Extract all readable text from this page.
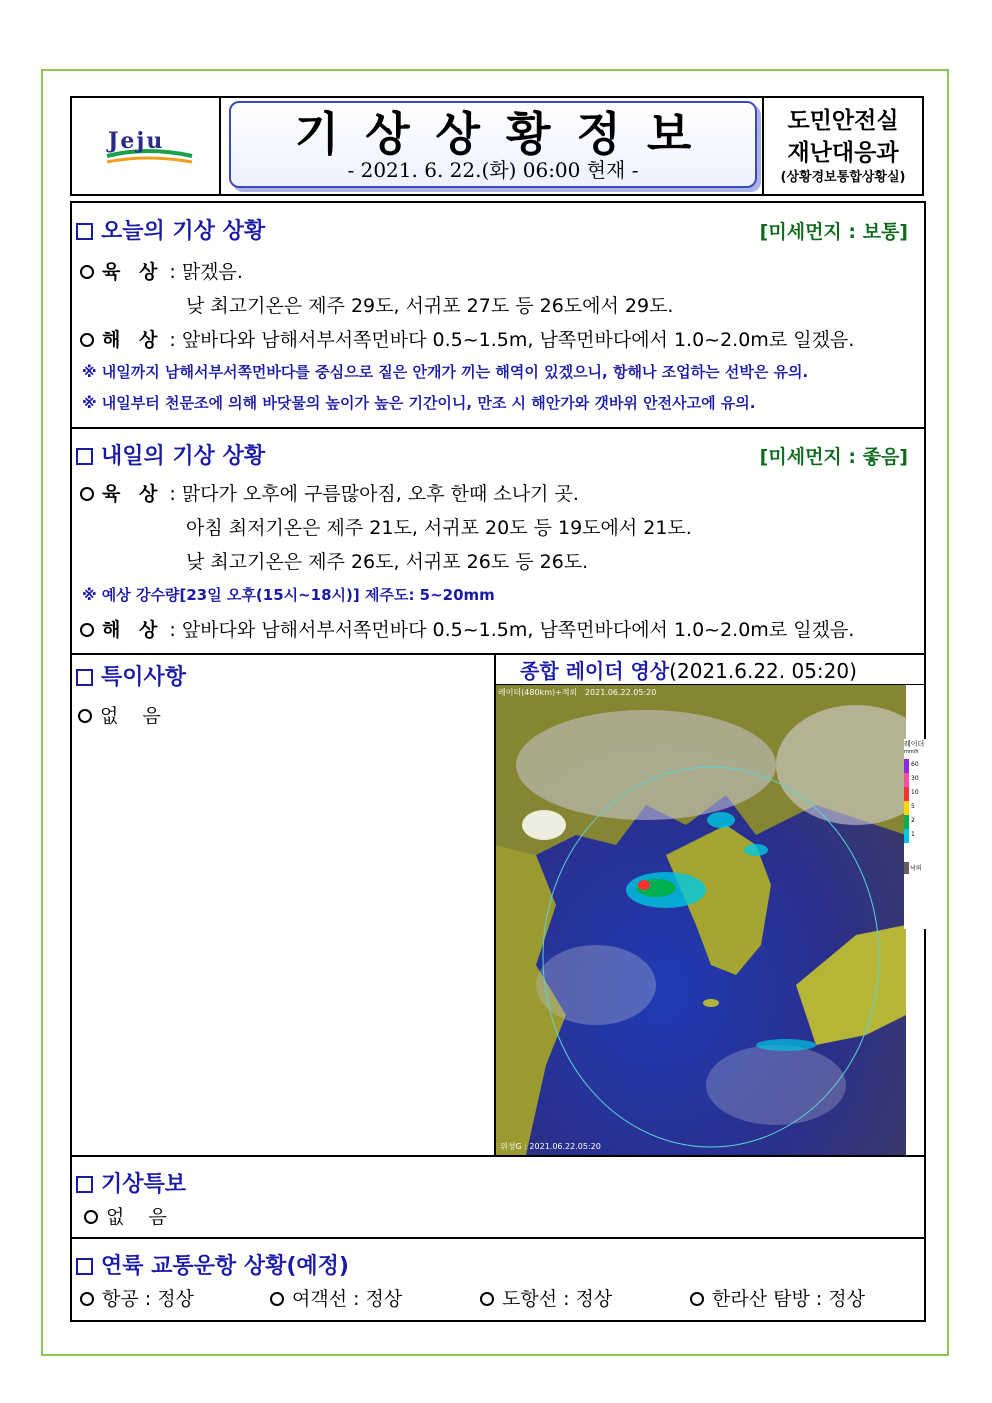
Jeju	기상상황정보
- 2021. 6. 22.(화) 06:00 현재 -
도민안전실
재난대응과
(상황경보통합상황실)
오늘의 기상 상황	[미세먼지 : 보통]
육 상 : 맑겠음.
낮 최고기온은 제주 29도, 서귀포 27도 등 26도에서 29도.
해 상 : 앞바다와 남해서부서쪽먼바다 0.5~1.5m, 남쪽먼바다에서 1.0~2.0m로 일겠음.
※ 내일까지 남해서부서쪽먼바다를 중심으로 짙은 안개가 끼는 해역이 있겠으니, 항해나 조업하는 선박은 유의.
※ 내일부터 천문조에 의해 바닷물의 높이가 높은 기간이니, 만조 시 해안가와 갯바위 안전사고에 유의.
내일의 기상 상황	[미세먼지 : 좋음]
육 상 : 맑다가 오후에 구름많아짐, 오후 한때 소나기 곳.
아침 최저기온은 제주 21도, 서귀포 20도 등 19도에서 21도.
낮 최고기온은 제주 26도, 서귀포 26도 등 26도.
※ 예상 강수량[23일 오후(15시~18시)] 제주도: 5~20mm
해 상 : 앞바다와 남해서부서쪽먼바다 0.5~1.5m, 남쪽먼바다에서 1.0~2.0m로 일겠음.
특이사항
없    음
종합 레이더 영상(2021.6.22. 05:20)
레이더(480km)+적외 2021.06.22.05:20
위성G : 2021.06.22.05:20
레이더
mm/h
60
30
10
5
2
1
낙뢰
기상특보
없    음
연륙 교통운항 상황(예정)
항공 : 정상	여객선 : 정상	도항선 : 정상	한라산 탐방 : 정상
